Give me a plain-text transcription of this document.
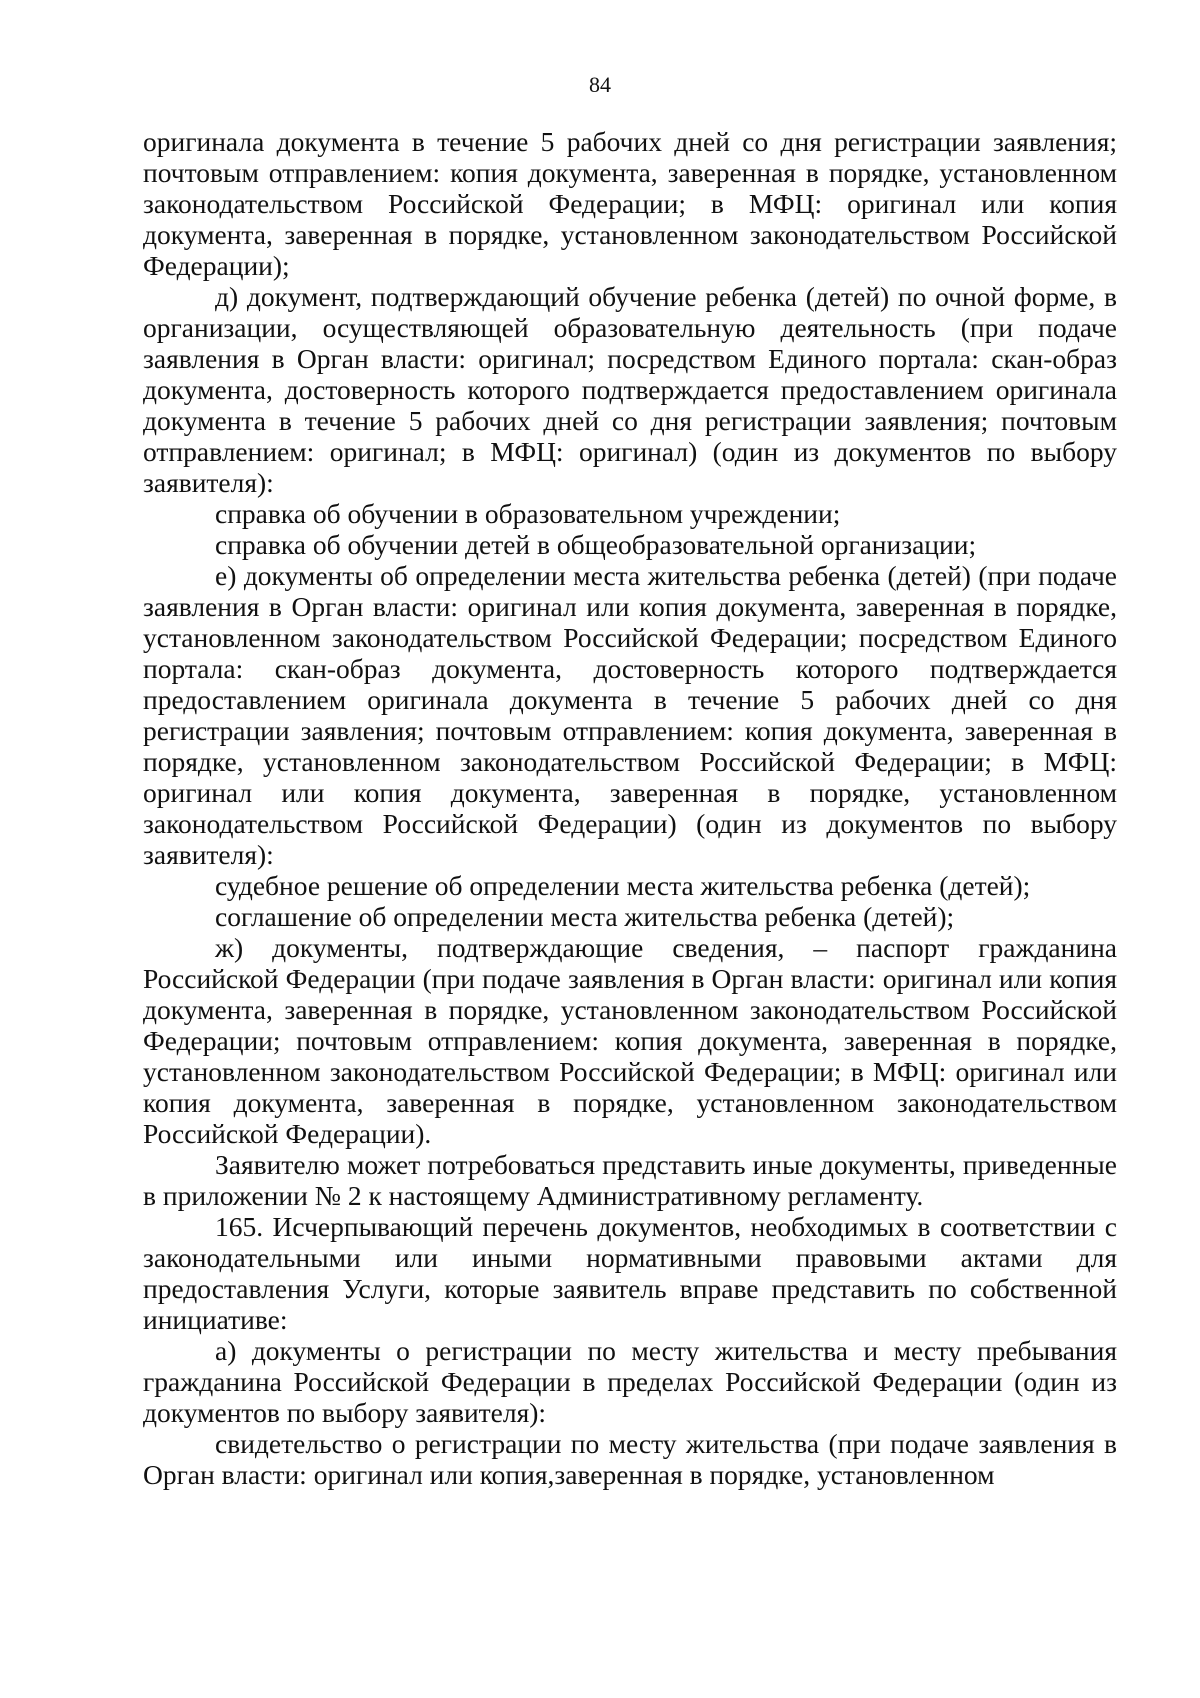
84

оригинала документа в течение 5 рабочих дней со дня регистрации заявления; почтовым отправлением: копия документа, заверенная в порядке, установленном законодательством Российской Федерации; в МФЦ: оригинал или копия документа, заверенная в порядке, установленном законодательством Российской Федерации);

д) документ, подтверждающий обучение ребенка (детей) по очной форме, в организации, осуществляющей образовательную деятельность (при подаче заявления в Орган власти: оригинал; посредством Единого портала: скан-образ документа, достоверность которого подтверждается предоставлением оригинала документа в течение 5 рабочих дней со дня регистрации заявления; почтовым отправлением: оригинал; в МФЦ: оригинал) (один из документов по выбору заявителя):

справка об обучении в образовательном учреждении;

справка об обучении детей в общеобразовательной организации;

е) документы об определении места жительства ребенка (детей) (при подаче заявления в Орган власти: оригинал или копия документа, заверенная в порядке, установленном законодательством Российской Федерации; посредством Единого портала: скан-образ документа, достоверность которого подтверждается предоставлением оригинала документа в течение 5 рабочих дней со дня регистрации заявления; почтовым отправлением: копия документа, заверенная в порядке, установленном законодательством Российской Федерации; в МФЦ: оригинал или копия документа, заверенная в порядке, установленном законодательством Российской Федерации) (один из документов по выбору заявителя):

судебное решение об определении места жительства ребенка (детей);

соглашение об определении места жительства ребенка (детей);

ж) документы, подтверждающие сведения, – паспорт гражданина Российской Федерации (при подаче заявления в Орган власти: оригинал или копия документа, заверенная в порядке, установленном законодательством Российской Федерации; почтовым отправлением: копия документа, заверенная в порядке, установленном законодательством Российской Федерации; в МФЦ: оригинал или копия документа, заверенная в порядке, установленном законодательством Российской Федерации).

Заявителю может потребоваться представить иные документы, приведенные в приложении № 2 к настоящему Административному регламенту.

165. Исчерпывающий перечень документов, необходимых в соответствии с законодательными или иными нормативными правовыми актами для предоставления Услуги, которые заявитель вправе представить по собственной инициативе:

а) документы о регистрации по месту жительства и месту пребывания гражданина Российской Федерации в пределах Российской Федерации (один из документов по выбору заявителя):

свидетельство о регистрации по месту жительства (при подаче заявления в Орган власти: оригинал или копия,заверенная в порядке, установленном
